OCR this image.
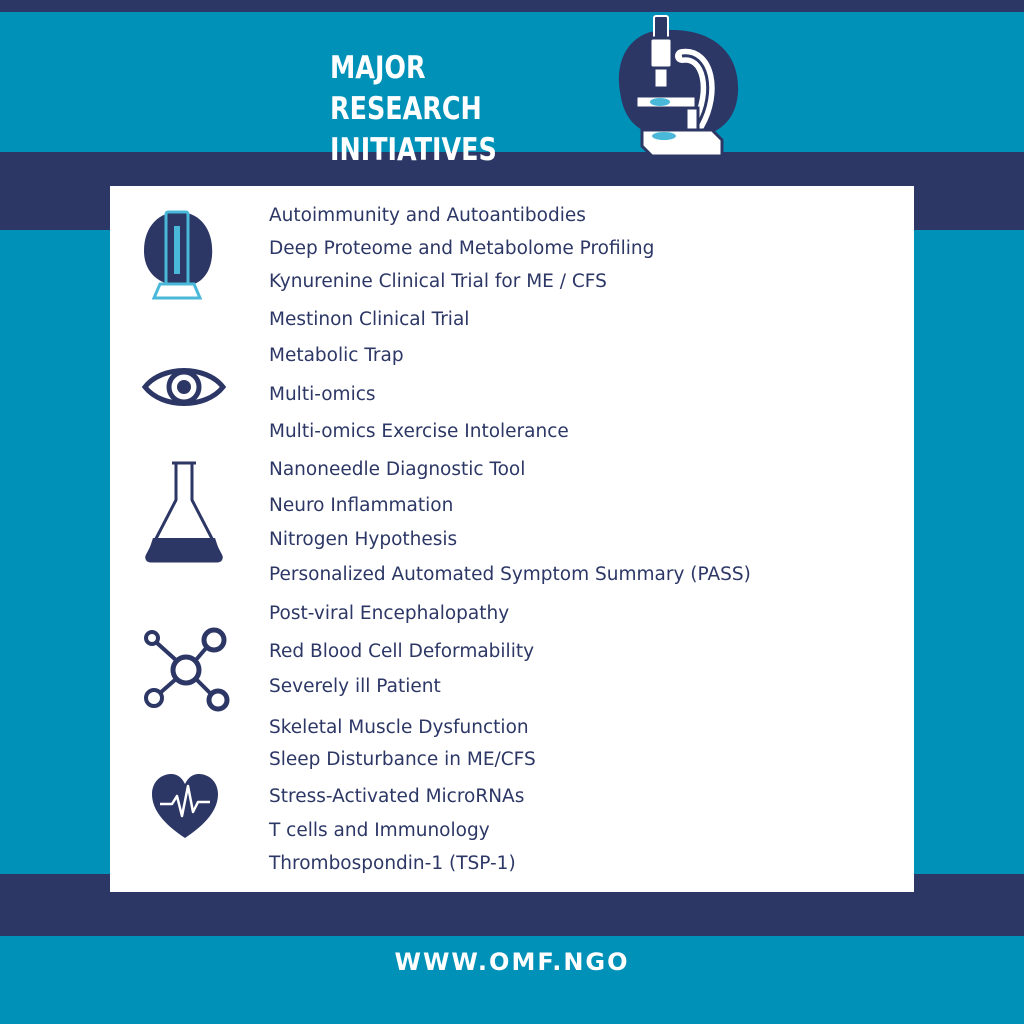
MAJOR RESEARCH INITIATIVES
Autoimmunity and Autoantibodies
Deep Proteome and Metabolome Profiling
Kynurenine Clinical Trial for ME / CFS
Mestinon Clinical Trial
Metabolic Trap
Multi-omics
Multi-omics Exercise Intolerance
Nanoneedle Diagnostic Tool
Neuro Inflammation
Nitrogen Hypothesis
Personalized Automated Symptom Summary (PASS)
Post-viral Encephalopathy
Red Blood Cell Deformability
Severely ill Patient
Skeletal Muscle Dysfunction
Sleep Disturbance in ME/CFS
Stress-Activated MicroRNAs
T cells and Immunology
Thrombospondin-1 (TSP-1)
WWW.OMF.NGO
